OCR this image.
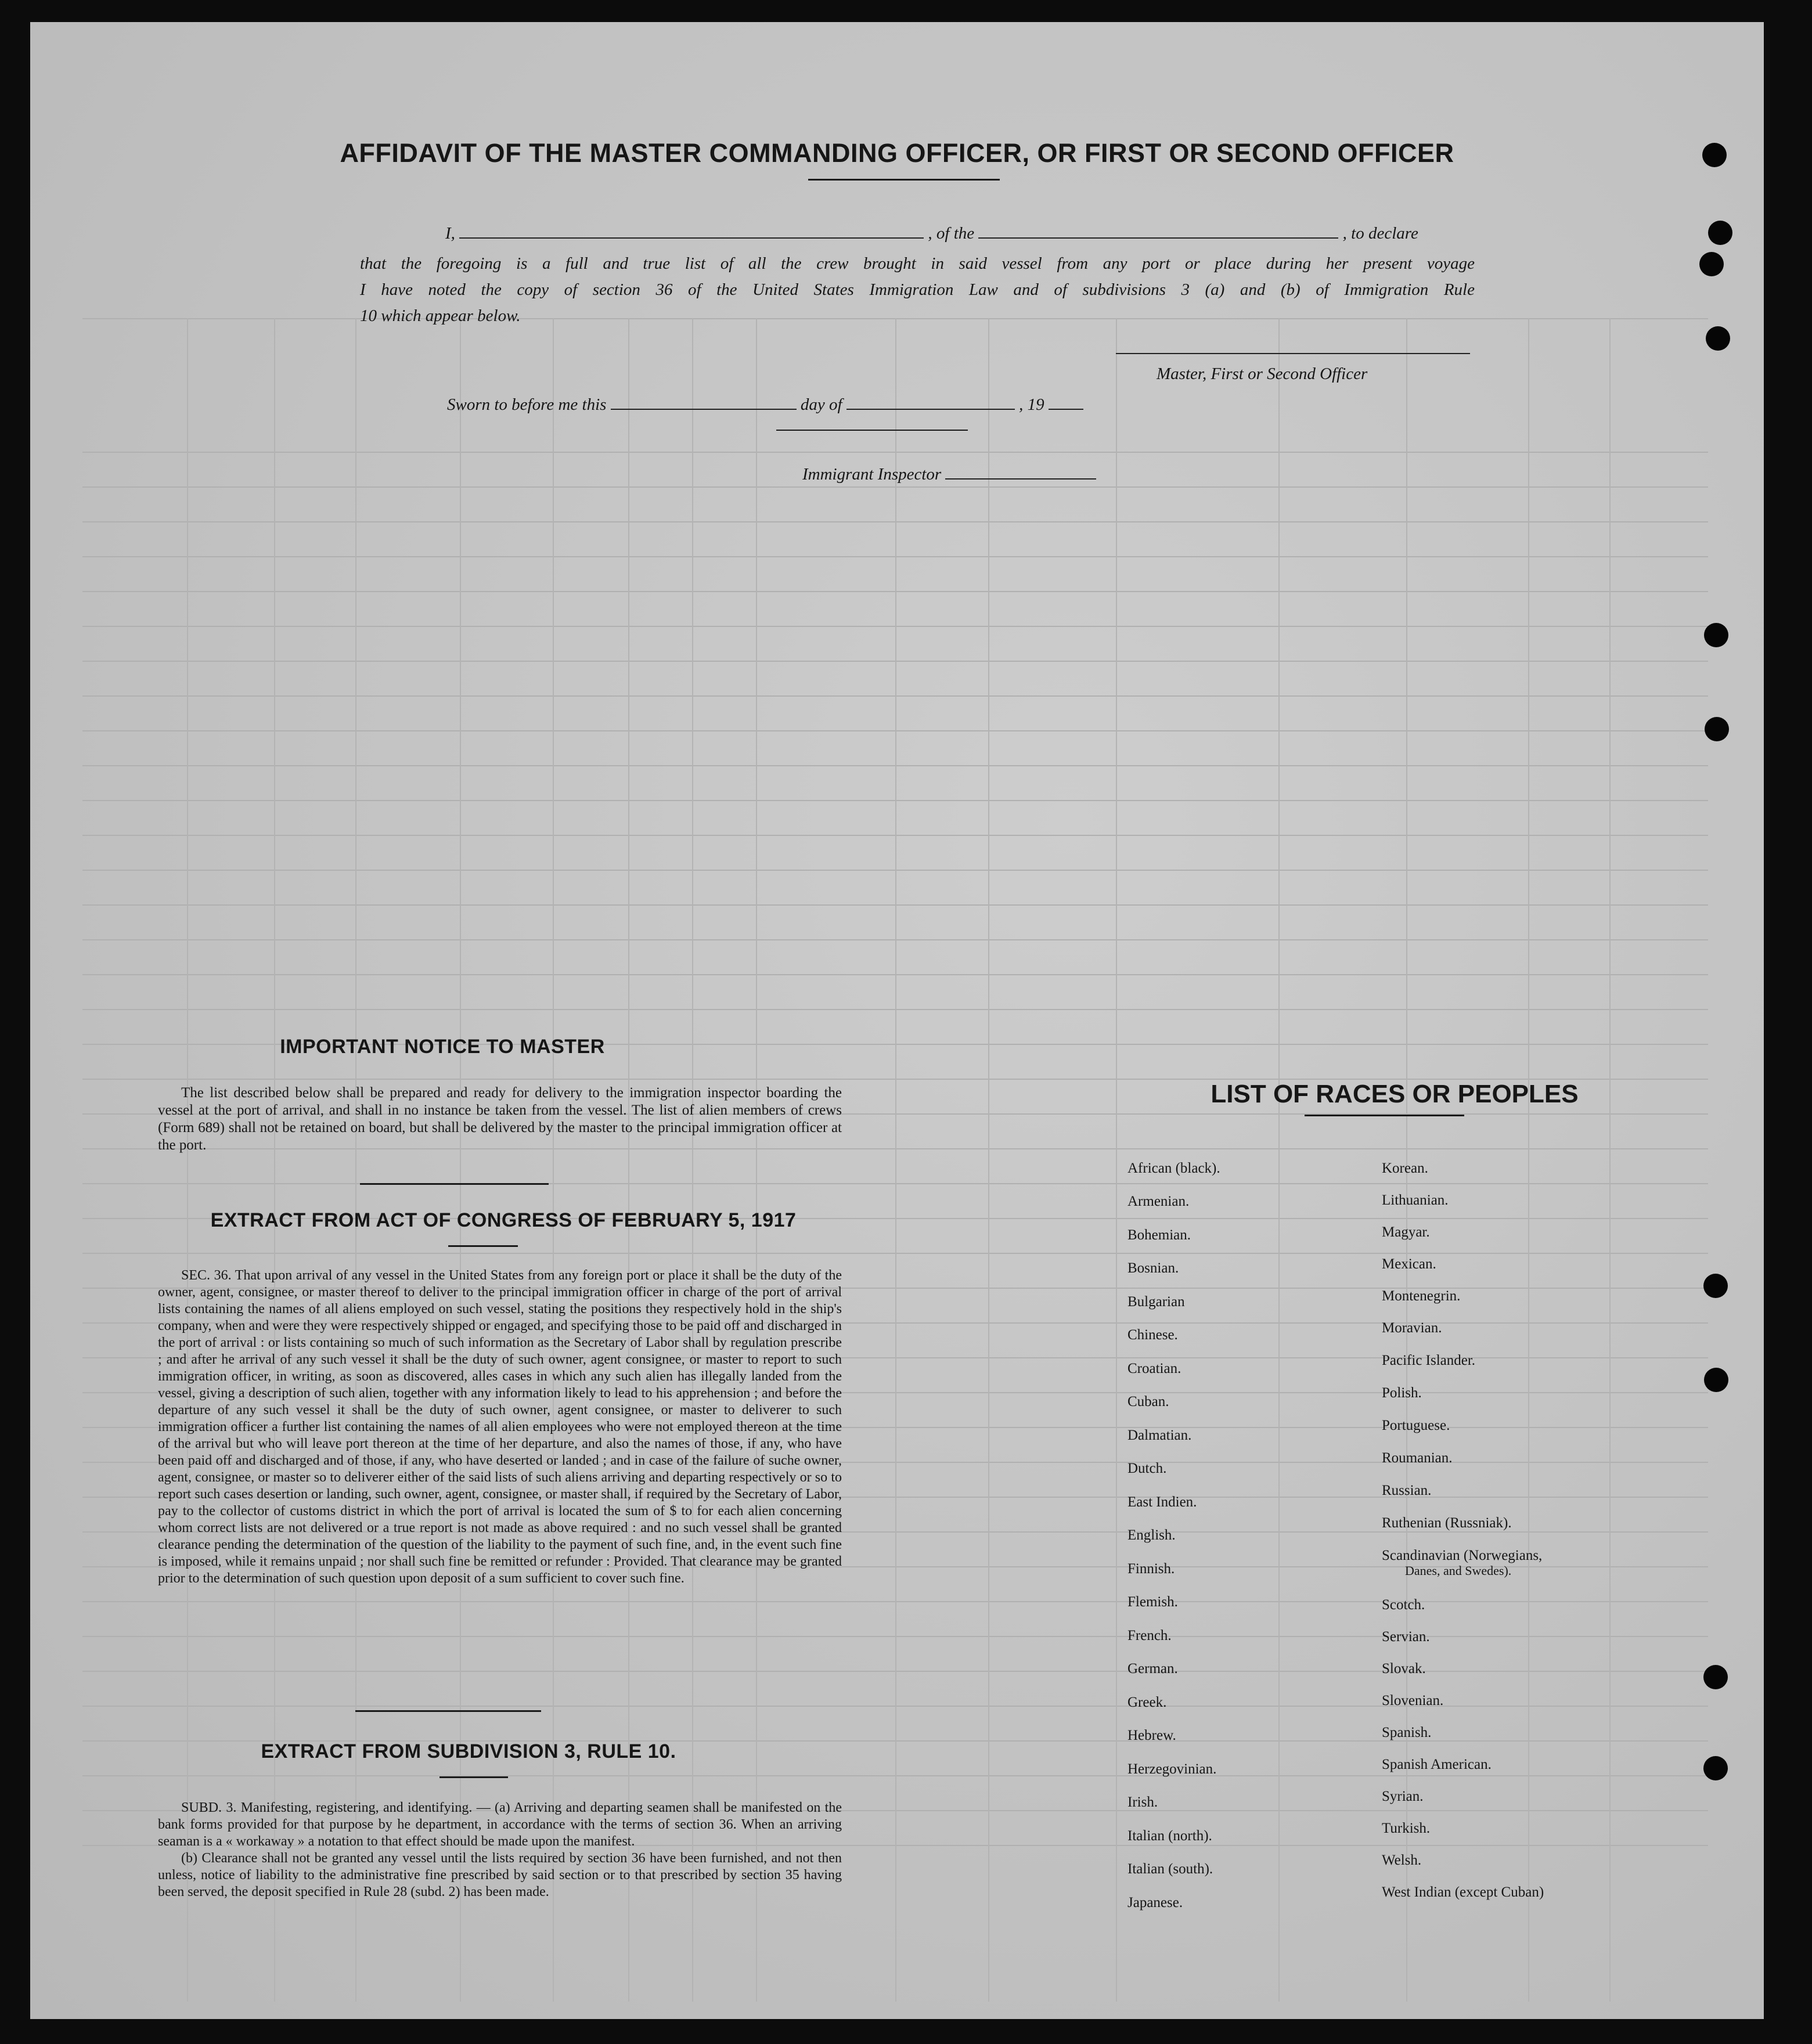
AFFIDAVIT OF THE MASTER COMMANDING OFFICER, OR FIRST OR SECOND OFFICER
I,	, of the	, to declare
that the foregoing is a full and true list of all the crew brought in said vessel from any port or place during her present voyage
I have noted the copy of section 36 of the United States Immigration Law and of subdivisions 3 (a) and (b) of Immigration Rule
10 which appear below.
Master, First or Second Officer
Sworn to before me this	day of	, 19
Immigrant Inspector
IMPORTANT NOTICE TO MASTER

The list described below shall be prepared and ready for delivery to the immigration inspector boarding the vessel at the port of arrival, and shall in no instance be taken from the vessel. The list of alien members of crews (Form 689) shall not be retained on board, but shall be delivered by the master to the principal immigration officer at the port.

EXTRACT FROM ACT OF CONGRESS OF FEBRUARY 5, 1917

SEC. 36. That upon arrival of any vessel in the United States from any foreign port or place it shall be the duty of the owner, agent, consignee, or master thereof to deliver to the principal immigration officer in charge of the port of arrival lists containing the names of all aliens employed on such vessel, stating the positions they respectively hold in the ship's company, when and were they were respectively shipped or engaged, and specifying those to be paid off and discharged in the port of arrival : or lists containing so much of such information as the Secretary of Labor shall by regulation prescribe ; and after he arrival of any such vessel it shall be the duty of such owner, agent consignee, or master to report to such immigration officer, in writing, as soon as discovered, alles cases in which any such alien has illegally landed from the vessel, giving a description of such alien, together with any information likely to lead to his apprehension ; and before the departure of any such vessel it shall be the duty of such owner, agent consignee, or master to deliverer to such immigration officer a further list containing the names of all alien employees who were not employed thereon at the time of the arrival but who will leave port thereon at the time of her departure, and also the names of those, if any, who have been paid off and discharged and of those, if any, who have deserted or landed ; and in case of the failure of suche owner, agent, consignee, or master so to deliverer either of the said lists of such aliens arriving and departing respectively or so to report such cases desertion or landing, such owner, agent, consignee, or master shall, if required by the Secretary of Labor, pay to the collector of customs district in which the port of arrival is located the sum of $ to for each alien concerning whom correct lists are not delivered or a true report is not made as above required : and no such vessel shall be granted clearance pending the determination of the question of the liability to the payment of such fine, and, in the event such fine is imposed, while it remains unpaid ; nor shall such fine be remitted or refunder : Provided. That clearance may be granted prior to the determination of such question upon deposit of a sum sufficient to cover such fine.

EXTRACT FROM SUBDIVISION 3, RULE 10.

SUBD. 3. Manifesting, registering, and identifying. — (a) Arriving and departing seamen shall be manifested on the bank forms provided for that purpose by he department, in accordance with the terms of section 36. When an arriving seaman is a « workaway » a notation to that effect should be made upon the manifest.

(b) Clearance shall not be granted any vessel until the lists required by section 36 have been furnished, and not then unless, notice of liability to the administrative fine prescribed by said section or to that prescribed by section 35 having been served, the deposit specified in Rule 28 (subd. 2) has been made.

LIST OF RACES OR PEOPLES
African (black).
Armenian.
Bohemian.
Bosnian.
Bulgarian
Chinese.
Croatian.
Cuban.
Dalmatian.
Dutch.
East Indien.
English.
Finnish.
Flemish.
French.
German.
Greek.
Hebrew.
Herzegovinian.
Irish.
Italian (north).
Italian (south).
Japanese.
Korean.
Lithuanian.
Magyar.
Mexican.
Montenegrin.
Moravian.
Pacific Islander.
Polish.
Portuguese.
Roumanian.
Russian.
Ruthenian (Russniak).
Scandinavian (Norwegians,
Danes, and Swedes).
Scotch.
Servian.
Slovak.
Slovenian.
Spanish.
Spanish American.
Syrian.
Turkish.
Welsh.
West Indian (except Cuban)
